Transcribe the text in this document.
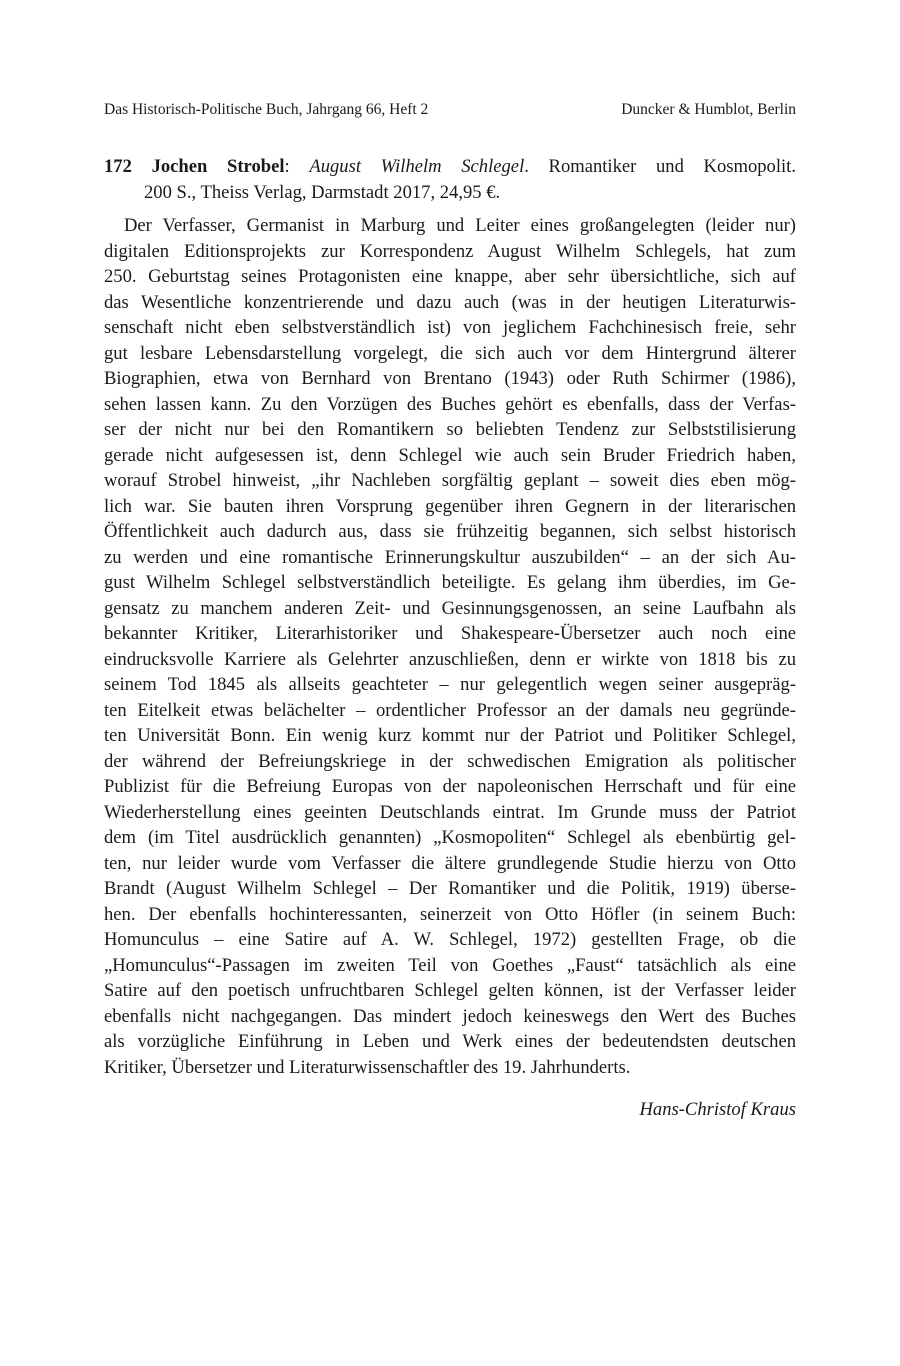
Das Historisch-Politische Buch, Jahrgang 66, Heft 2	Duncker & Humblot, Berlin
172 Jochen Strobel: August Wilhelm Schlegel. Romantiker und Kosmopolit.
200 S., Theiss Verlag, Darmstadt 2017, 24,95 €.
Der Verfasser, Germanist in Marburg und Leiter eines großangelegten (leider nur)
digitalen Editionsprojekts zur Korrespondenz August Wilhelm Schlegels, hat zum
250. Geburtstag seines Protagonisten eine knappe, aber sehr übersichtliche, sich auf
das Wesentliche konzentrierende und dazu auch (was in der heutigen Literaturwis-
senschaft nicht eben selbstverständlich ist) von jeglichem Fachchinesisch freie, sehr
gut lesbare Lebensdarstellung vorgelegt, die sich auch vor dem Hintergrund älterer
Biographien, etwa von Bernhard von Brentano (1943) oder Ruth Schirmer (1986),
sehen lassen kann. Zu den Vorzügen des Buches gehört es ebenfalls, dass der Verfas-
ser der nicht nur bei den Romantikern so beliebten Tendenz zur Selbststilisierung
gerade nicht aufgesessen ist, denn Schlegel wie auch sein Bruder Friedrich haben,
worauf Strobel hinweist, „ihr Nachleben sorgfältig geplant – soweit dies eben mög-
lich war. Sie bauten ihren Vorsprung gegenüber ihren Gegnern in der literarischen
Öffentlichkeit auch dadurch aus, dass sie frühzeitig begannen, sich selbst historisch
zu werden und eine romantische Erinnerungskultur auszubilden“ – an der sich Au-
gust Wilhelm Schlegel selbstverständlich beteiligte. Es gelang ihm überdies, im Ge-
gensatz zu manchem anderen Zeit- und Gesinnungsgenossen, an seine Laufbahn als
bekannter Kritiker, Literarhistoriker und Shakespeare-Übersetzer auch noch eine
eindrucksvolle Karriere als Gelehrter anzuschließen, denn er wirkte von 1818 bis zu
seinem Tod 1845 als allseits geachteter – nur gelegentlich wegen seiner ausgepräg-
ten Eitelkeit etwas belächelter – ordentlicher Professor an der damals neu gegründe-
ten Universität Bonn. Ein wenig kurz kommt nur der Patriot und Politiker Schlegel,
der während der Befreiungskriege in der schwedischen Emigration als politischer
Publizist für die Befreiung Europas von der napoleonischen Herrschaft und für eine
Wiederherstellung eines geeinten Deutschlands eintrat. Im Grunde muss der Patriot
dem (im Titel ausdrücklich genannten) „Kosmopoliten“ Schlegel als ebenbürtig gel-
ten, nur leider wurde vom Verfasser die ältere grundlegende Studie hierzu von Otto
Brandt (August Wilhelm Schlegel – Der Romantiker und die Politik, 1919) überse-
hen. Der ebenfalls hochinteressanten, seinerzeit von Otto Höfler (in seinem Buch:
Homunculus – eine Satire auf A. W. Schlegel, 1972) gestellten Frage, ob die
„Homunculus“-Passagen im zweiten Teil von Goethes „Faust“ tatsächlich als eine
Satire auf den poetisch unfruchtbaren Schlegel gelten können, ist der Verfasser leider
ebenfalls nicht nachgegangen. Das mindert jedoch keineswegs den Wert des Buches
als vorzügliche Einführung in Leben und Werk eines der bedeutendsten deutschen
Kritiker, Übersetzer und Literaturwissenschaftler des 19. Jahrhunderts.
Hans-Christof Kraus
